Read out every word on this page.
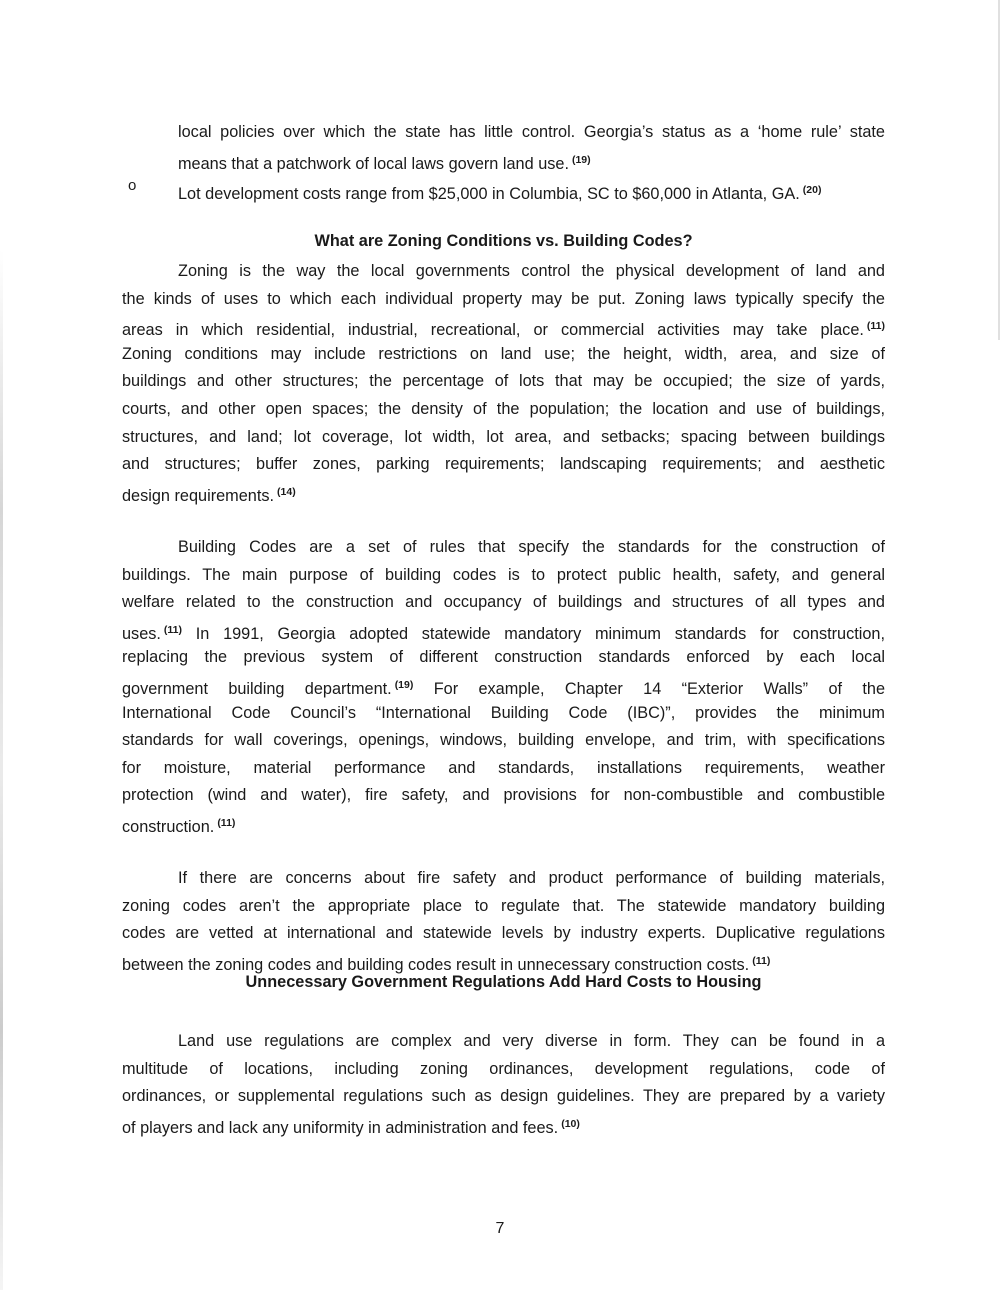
local policies over which the state has little control. Georgia’s status as a ‘home rule’ state
means that a patchwork of local laws govern land use. $^{(19)}$
o	Lot development costs range from $25,000 in Columbia, SC to $60,000 in Atlanta, GA. $^{(20)}$
What are Zoning Conditions vs. Building Codes?
Zoning is the way the local governments control the physical development of land and
the kinds of uses to which each individual property may be put. Zoning laws typically specify the
areas in which residential, industrial, recreational, or commercial activities may take place. $^{(11)}$
Zoning conditions may include restrictions on land use; the height, width, area, and size of
buildings and other structures; the percentage of lots that may be occupied; the size of yards,
courts, and other open spaces; the density of the population; the location and use of buildings,
structures, and land; lot coverage, lot width, lot area, and setbacks; spacing between buildings
and structures; buffer zones, parking requirements; landscaping requirements; and aesthetic
design requirements. $^{(14)}$
Building Codes are a set of rules that specify the standards for the construction of
buildings. The main purpose of building codes is to protect public health, safety, and general
welfare related to the construction and occupancy of buildings and structures of all types and
uses. $^{(11)}$ In 1991, Georgia adopted statewide mandatory minimum standards for construction,
replacing the previous system of different construction standards enforced by each local
government building department. $^{(19)}$ For example, Chapter 14 “Exterior Walls” of the
International Code Council’s “International Building Code (IBC)”, provides the minimum
standards for wall coverings, openings, windows, building envelope, and trim, with specifications
for moisture, material performance and standards, installations requirements, weather
protection (wind and water), fire safety, and provisions for non-combustible and combustible
construction. $^{(11)}$
If there are concerns about fire safety and product performance of building materials,
zoning codes aren’t the appropriate place to regulate that. The statewide mandatory building
codes are vetted at international and statewide levels by industry experts. Duplicative regulations
between the zoning codes and building codes result in unnecessary construction costs. $^{(11)}$
Unnecessary Government Regulations Add Hard Costs to Housing
Land use regulations are complex and very diverse in form. They can be found in a
multitude of locations, including zoning ordinances, development regulations, code of
ordinances, or supplemental regulations such as design guidelines. They are prepared by a variety
of players and lack any uniformity in administration and fees. $^{(10)}$
7
